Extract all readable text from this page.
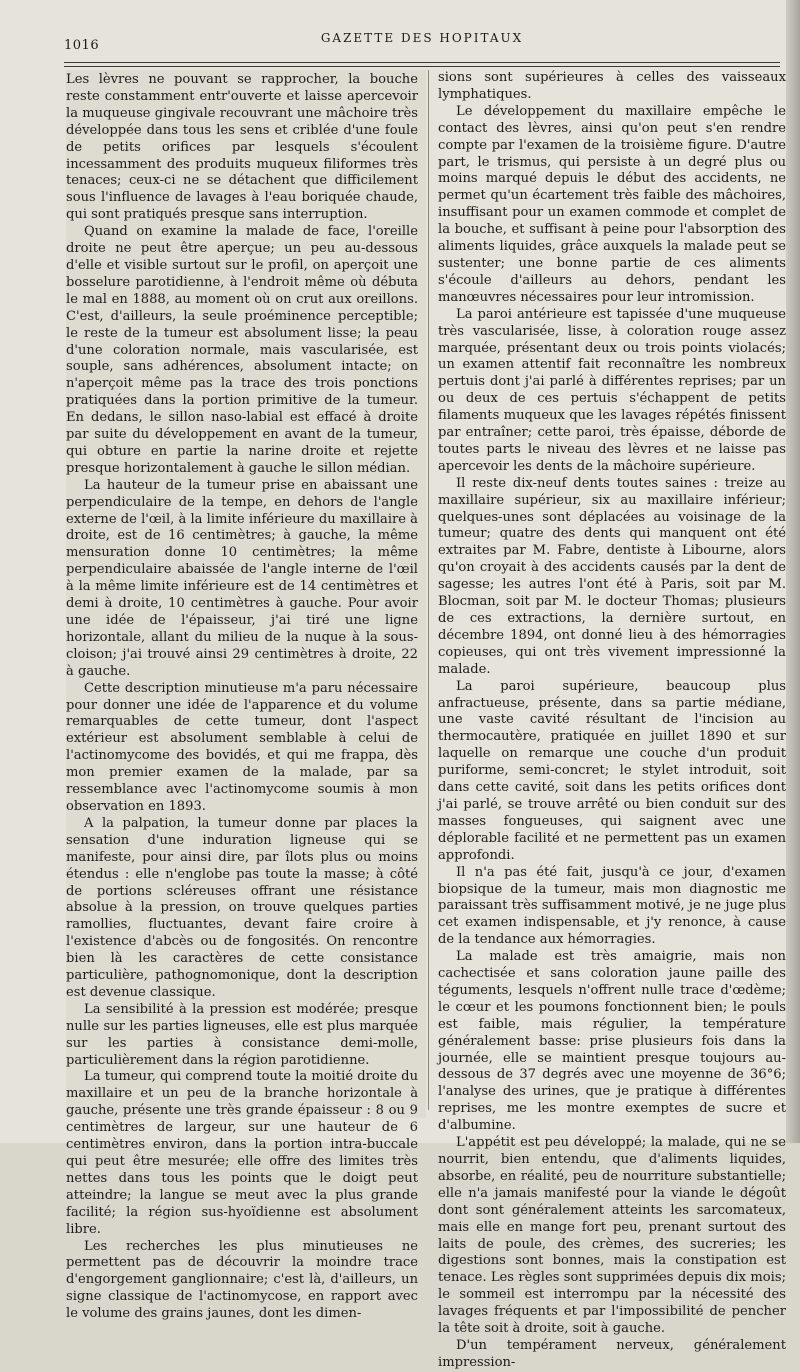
1016	GAZETTE DES HOPITAUX

Les lèvres ne pouvant se rapprocher, la bouche reste constamment entr'ouverte et laisse apercevoir la muqueuse gingivale recouvrant une mâchoire très développée dans tous les sens et criblée d'une foule de petits orifices par lesquels s'écoulent incessamment des produits muqueux filiformes très tenaces; ceux-ci ne se détachent que difficilement sous l'influence de lavages à l'eau boriquée chaude, qui sont pratiqués presque sans interruption.

Quand on examine la malade de face, l'oreille droite ne peut être aperçue; un peu au-dessous d'elle et visible surtout sur le profil, on aperçoit une bosselure parotidienne, à l'endroit même où débuta le mal en 1888, au moment où on crut aux oreillons. C'est, d'ailleurs, la seule proéminence perceptible; le reste de la tumeur est absolument lisse; la peau d'une coloration normale, mais vascularisée, est souple, sans adhérences, absolument intacte; on n'aperçoit même pas la trace des trois ponctions pratiquées dans la portion primitive de la tumeur. En dedans, le sillon naso-labial est effacé à droite par suite du développement en avant de la tumeur, qui obture en partie la narine droite et rejette presque horizontalement à gauche le sillon médian.

La hauteur de la tumeur prise en abaissant une perpendiculaire de la tempe, en dehors de l'angle externe de l'œil, à la limite inférieure du maxillaire à droite, est de 16 centimètres; à gauche, la même mensuration donne 10 centimètres; la même perpendiculaire abaissée de l'angle interne de l'œil à la même limite inférieure est de 14 centimètres et demi à droite, 10 centimètres à gauche. Pour avoir une idée de l'épaisseur, j'ai tiré une ligne horizontale, allant du milieu de la nuque à la sous-cloison; j'ai trouvé ainsi 29 centimètres à droite, 22 à gauche.

Cette description minutieuse m'a paru nécessaire pour donner une idée de l'apparence et du volume remarquables de cette tumeur, dont l'aspect extérieur est absolument semblable à celui de l'actinomycome des bovidés, et qui me frappa, dès mon premier examen de la malade, par sa ressemblance avec l'actinomycome soumis à mon observation en 1893.

A la palpation, la tumeur donne par places la sensation d'une induration ligneuse qui se manifeste, pour ainsi dire, par îlots plus ou moins étendus : elle n'englobe pas toute la masse; à côté de portions scléreuses offrant une résistance absolue à la pression, on trouve quelques parties ramollies, fluctuantes, devant faire croire à l'existence d'abcès ou de fongosités. On rencontre bien là les caractères de cette consistance particulière, pathognomonique, dont la description est devenue classique.

La sensibilité à la pression est modérée; presque nulle sur les parties ligneuses, elle est plus marquée sur les parties à consistance demi-molle, particulièrement dans la région parotidienne.

La tumeur, qui comprend toute la moitié droite du maxillaire et un peu de la branche horizontale à gauche, présente une très grande épaisseur : 8 ou 9 centimètres de largeur, sur une hauteur de 6 centimètres environ, dans la portion intra-buccale qui peut être mesurée; elle offre des limites très nettes dans tous les points que le doigt peut atteindre; la langue se meut avec la plus grande facilité; la région sus-hyoïdienne est absolument libre.

Les recherches les plus minutieuses ne permettent pas de découvrir la moindre trace d'engorgement ganglionnaire; c'est là, d'ailleurs, un signe classique de l'actinomycose, en rapport avec le volume des grains jaunes, dont les dimen-

sions sont supérieures à celles des vaisseaux lymphatiques.

Le développement du maxillaire empêche le contact des lèvres, ainsi qu'on peut s'en rendre compte par l'examen de la troisième figure. D'autre part, le trismus, qui persiste à un degré plus ou moins marqué depuis le début des accidents, ne permet qu'un écartement très faible des mâchoires, insuffisant pour un examen commode et complet de la bouche, et suffisant à peine pour l'absorption des aliments liquides, grâce auxquels la malade peut se sustenter; une bonne partie de ces aliments s'écoule d'ailleurs au dehors, pendant les manœuvres nécessaires pour leur intromission.

La paroi antérieure est tapissée d'une muqueuse très vascularisée, lisse, à coloration rouge assez marquée, présentant deux ou trois points violacés; un examen attentif fait reconnaître les nombreux pertuis dont j'ai parlé à différentes reprises; par un ou deux de ces pertuis s'échappent de petits filaments muqueux que les lavages répétés finissent par entraîner; cette paroi, très épaisse, déborde de toutes parts le niveau des lèvres et ne laisse pas apercevoir les dents de la mâchoire supérieure.

Il reste dix-neuf dents toutes saines : treize au maxillaire supérieur, six au maxillaire inférieur; quelques-unes sont déplacées au voisinage de la tumeur; quatre des dents qui manquent ont été extraites par M. Fabre, dentiste à Libourne, alors qu'on croyait à des accidents causés par la dent de sagesse; les autres l'ont été à Paris, soit par M. Blocman, soit par M. le docteur Thomas; plusieurs de ces extractions, la dernière surtout, en décembre 1894, ont donné lieu à des hémorragies copieuses, qui ont très vivement impressionné la malade.

La paroi supérieure, beaucoup plus anfractueuse, présente, dans sa partie médiane, une vaste cavité résultant de l'incision au thermocautère, pratiquée en juillet 1890 et sur laquelle on remarque une couche d'un produit puriforme, semi-concret; le stylet introduit, soit dans cette cavité, soit dans les petits orifices dont j'ai parlé, se trouve arrêté ou bien conduit sur des masses fongueuses, qui saignent avec une déplorable facilité et ne permettent pas un examen approfondi.

Il n'a pas été fait, jusqu'à ce jour, d'examen biopsique de la tumeur, mais mon diagnostic me paraissant très suffisamment motivé, je ne juge plus cet examen indispensable, et j'y renonce, à cause de la tendance aux hémorragies.

La malade est très amaigrie, mais non cachectisée et sans coloration jaune paille des téguments, lesquels n'offrent nulle trace d'œdème; le cœur et les poumons fonctionnent bien; le pouls est faible, mais régulier, la température généralement basse: prise plusieurs fois dans la journée, elle se maintient presque toujours au-dessous de 37 degrés avec une moyenne de 36°6; l'analyse des urines, que je pratique à différentes reprises, me les montre exemptes de sucre et d'albumine.

L'appétit est peu développé; la malade, qui ne se nourrit, bien entendu, que d'aliments liquides, absorbe, en réalité, peu de nourriture substantielle; elle n'a jamais manifesté pour la viande le dégoût dont sont généralement atteints les sarcomateux, mais elle en mange fort peu, prenant surtout des laits de poule, des crèmes, des sucreries; les digestions sont bonnes, mais la constipation est tenace. Les règles sont supprimées depuis dix mois; le sommeil est interrompu par la nécessité des lavages fréquents et par l'impossibilité de pencher la tête soit à droite, soit à gauche.

D'un tempérament nerveux, généralement impression-
